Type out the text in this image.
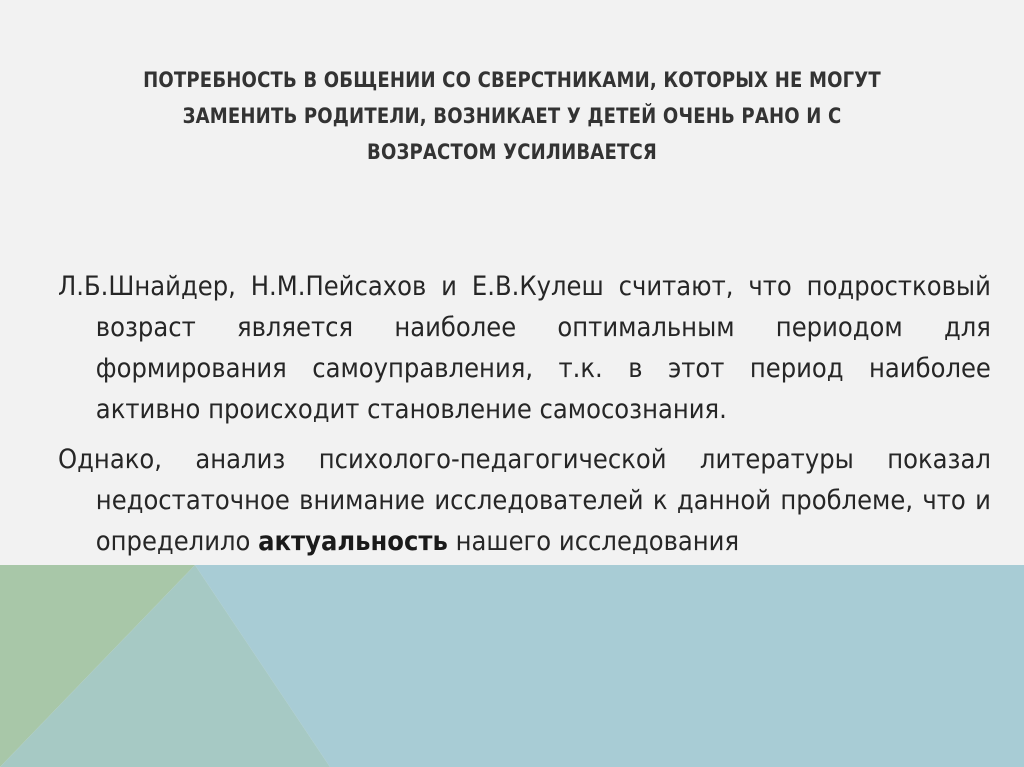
ПОТРЕБНОСТЬ В ОБЩЕНИИ СО СВЕРСТНИКАМИ, КОТОРЫХ НЕ МОГУТ ЗАМЕНИТЬ РОДИТЕЛИ, ВОЗНИКАЕТ У ДЕТЕЙ ОЧЕНЬ РАНО И С ВОЗРАСТОМ УСИЛИВАЕТСЯ

Л.Б.Шнайдер, Н.М.Пейсахов и Е.В.Кулеш считают, что подростковый возраст является наиболее оптимальным периодом для формирования самоуправления, т.к. в этот период наиболее активно происходит становление самосознания.

Однако, анализ психолого-педагогической литературы показал недостаточное внимание исследователей к данной проблеме, что и определило актуальность нашего исследования
